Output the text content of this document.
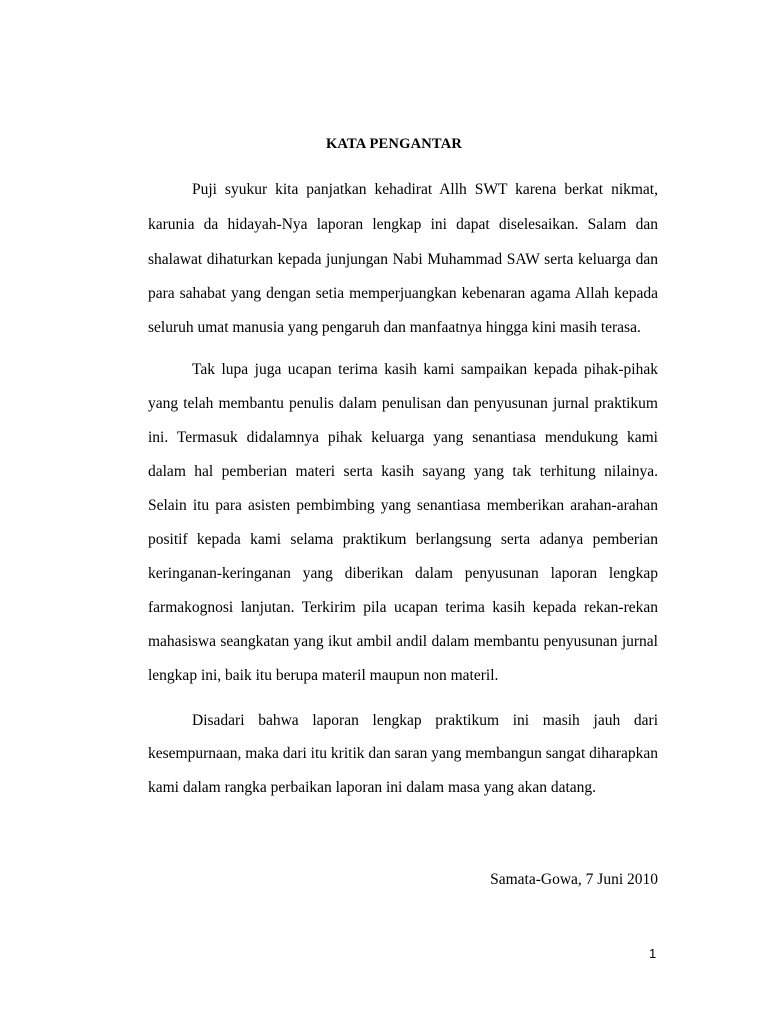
KATA PENGANTAR
Puji syukur kita panjatkan kehadirat Allh SWT karena berkat nikmat,
karunia da hidayah-Nya laporan lengkap ini dapat diselesaikan. Salam dan
shalawat dihaturkan kepada junjungan Nabi Muhammad SAW serta keluarga dan
para sahabat yang dengan setia memperjuangkan kebenaran agama Allah kepada
seluruh umat manusia yang pengaruh dan manfaatnya hingga kini masih terasa.
Tak lupa juga ucapan terima kasih kami sampaikan kepada pihak-pihak
yang telah membantu penulis dalam penulisan dan penyusunan jurnal praktikum
ini. Termasuk didalamnya pihak keluarga yang senantiasa mendukung kami
dalam hal pemberian materi serta kasih sayang yang tak terhitung nilainya.
Selain itu para asisten pembimbing yang senantiasa memberikan arahan-arahan
positif kepada kami selama praktikum berlangsung serta adanya pemberian
keringanan-keringanan yang diberikan dalam penyusunan laporan lengkap
farmakognosi lanjutan. Terkirim pila ucapan terima kasih kepada rekan-rekan
mahasiswa seangkatan yang ikut ambil andil dalam membantu penyusunan jurnal
lengkap ini, baik itu berupa materil maupun non materil.
Disadari bahwa laporan lengkap praktikum ini masih jauh dari
kesempurnaan, maka dari itu kritik dan saran yang membangun sangat diharapkan
kami dalam rangka perbaikan laporan ini dalam masa yang akan datang.
Samata-Gowa, 7 Juni 2010
1
